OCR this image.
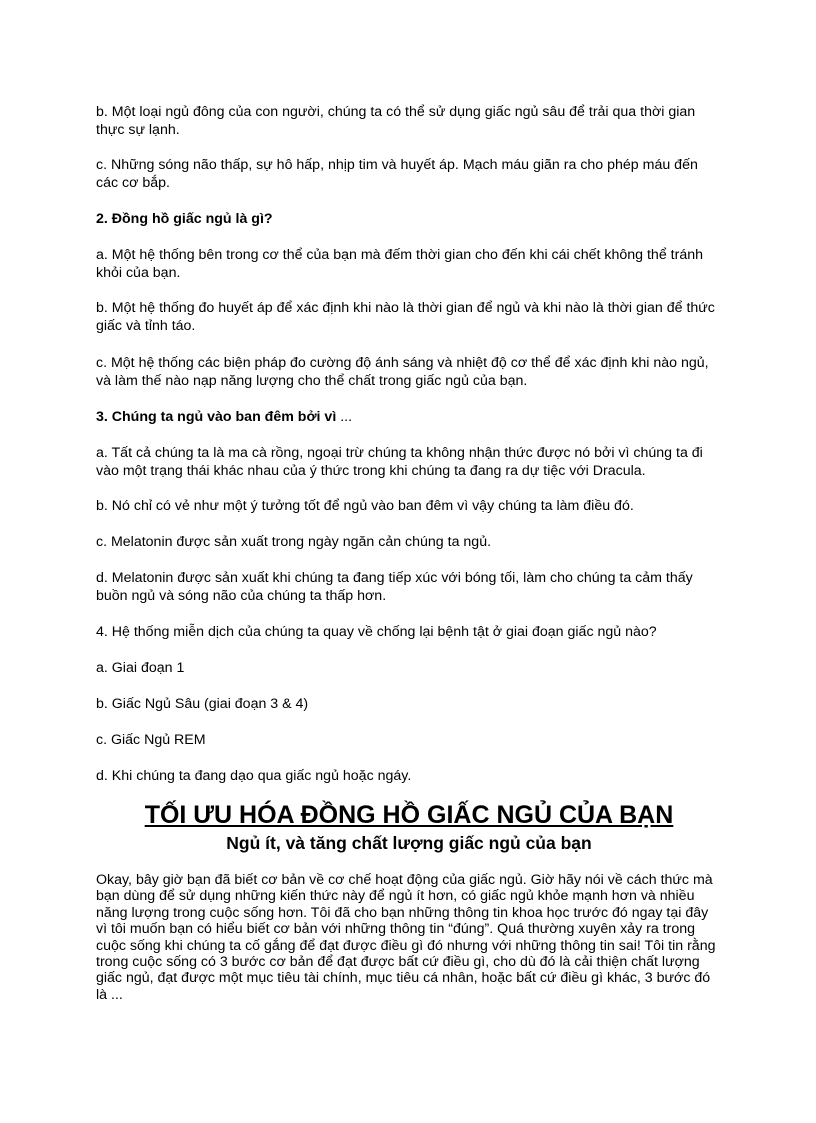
b. Một loại ngủ đông của con người, chúng ta có thể sử dụng giấc ngủ sâu để trải qua thời gian thực sự lạnh.

c. Những sóng não thấp, sự hô hấp, nhịp tim và huyết áp. Mạch máu giãn ra cho phép máu đến các cơ bắp.

2. Đồng hồ giấc ngủ là gì?

a. Một hệ thống bên trong cơ thể của bạn mà đếm thời gian cho đến khi cái chết không thể tránh khỏi của bạn.

b. Một hệ thống đo huyết áp để xác định khi nào là thời gian để ngủ và khi nào là thời gian để thức giấc và tỉnh táo.

c. Một hệ thống các biện pháp đo cường độ ánh sáng và nhiệt độ cơ thể để xác định khi nào ngủ, và làm thế nào nạp năng lượng cho thể chất trong giấc ngủ của bạn.

3. Chúng ta ngủ vào ban đêm bởi vì ...

a. Tất cả chúng ta là ma cà rồng, ngoại trừ chúng ta không nhận thức được nó bởi vì chúng ta đi vào một trạng thái khác nhau của ý thức trong khi chúng ta đang ra dự tiệc với Dracula.

b. Nó chỉ có vẻ như một ý tưởng tốt để ngủ vào ban đêm vì vậy chúng ta làm điều đó.

c. Melatonin được sản xuất trong ngày ngăn cản chúng ta ngủ.

d. Melatonin được sản xuất khi chúng ta đang tiếp xúc với bóng tối, làm cho chúng ta cảm thấy buồn ngủ và sóng não của chúng ta thấp hơn.

4. Hệ thống miễn dịch của chúng ta quay về chống lại bệnh tật ở giai đoạn giấc ngủ nào?

a. Giai đoạn 1

b. Giấc Ngủ Sâu (giai đoạn 3 & 4)

c. Giấc Ngủ REM

d. Khi chúng ta đang dạo qua giấc ngủ hoặc ngáy.

TỐI ƯU HÓA ĐỒNG HỒ GIẤC NGỦ CỦA BẠN
Ngủ ít, và tăng chất lượng giấc ngủ của bạn

Okay, bây giờ bạn đã biết cơ bản về cơ chế hoạt động của giấc ngủ. Giờ hãy nói về cách thức mà bạn dùng để sử dụng những kiến thức này để ngủ ít hơn, có giấc ngủ khỏe mạnh hơn và nhiều năng lượng trong cuộc sống hơn. Tôi đã cho bạn những thông tin khoa học trước đó ngay tại đây vì tôi muốn bạn có hiểu biết cơ bản với những thông tin “đúng”. Quá thường xuyên xảy ra trong cuộc sống khi chúng ta cố gắng để đạt được điều gì đó nhưng với những thông tin sai! Tôi tin rằng trong cuộc sống có 3 bước cơ bản để đạt được bất cứ điều gì, cho dù đó là cải thiện chất lượng giấc ngủ, đạt được một mục tiêu tài chính, mục tiêu cá nhân, hoặc bất cứ điều gì khác, 3 bước đó là ...
